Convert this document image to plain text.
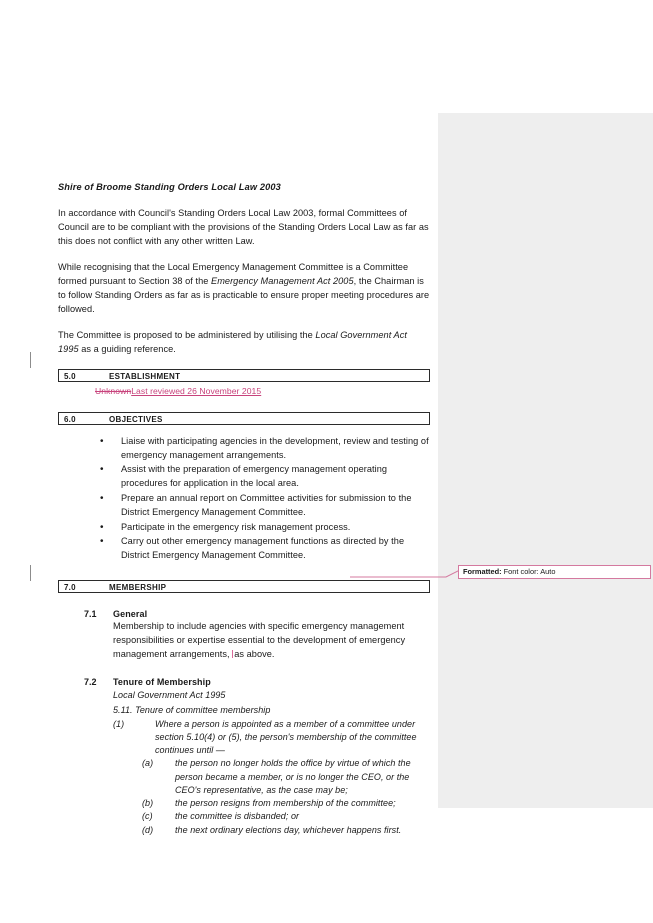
Shire of Broome Standing Orders Local Law 2003

In accordance with Council's Standing Orders Local Law 2003, formal Committees of Council are to be compliant with the provisions of the Standing Orders Local Law as far as this does not conflict with any other written Law.

While recognising that the Local Emergency Management Committee is a Committee formed pursuant to Section 38 of the Emergency Management Act 2005, the Chairman is to follow Standing Orders as far as is practicable to ensure proper meeting procedures are followed.

The Committee is proposed to be administered by utilising the Local Government Act 1995 as a guiding reference.

5.0	ESTABLISHMENT
UnknownLast reviewed 26 November 2015
6.0	OBJECTIVES
• Liaise with participating agencies in the development, review and testing of emergency management arrangements.
• Assist with the preparation of emergency management operating procedures for application in the local area.
• Prepare an annual report on Committee activities for submission to the District Emergency Management Committee.
• Participate in the emergency risk management process.
• Carry out other emergency management functions as directed by the District Emergency Management Committee.
7.0	MEMBERSHIP
7.1 General
Membership to include agencies with specific emergency management responsibilities or expertise essential to the development of emergency management arrangements, as above.
7.2 Tenure of Membership
Local Government Act 1995
5.11. Tenure of committee membership
(1)	Where a person is appointed as a member of a committee under section 5.10(4) or (5), the person's membership of the committee continues until —
(a) the person no longer holds the office by virtue of which the person became a member, or is no longer the CEO, or the CEO's representative, as the case may be;
(b) the person resigns from membership of the committee;
(c) the committee is disbanded; or
(d) the next ordinary elections day, whichever happens first.
Formatted: Font color: Auto
